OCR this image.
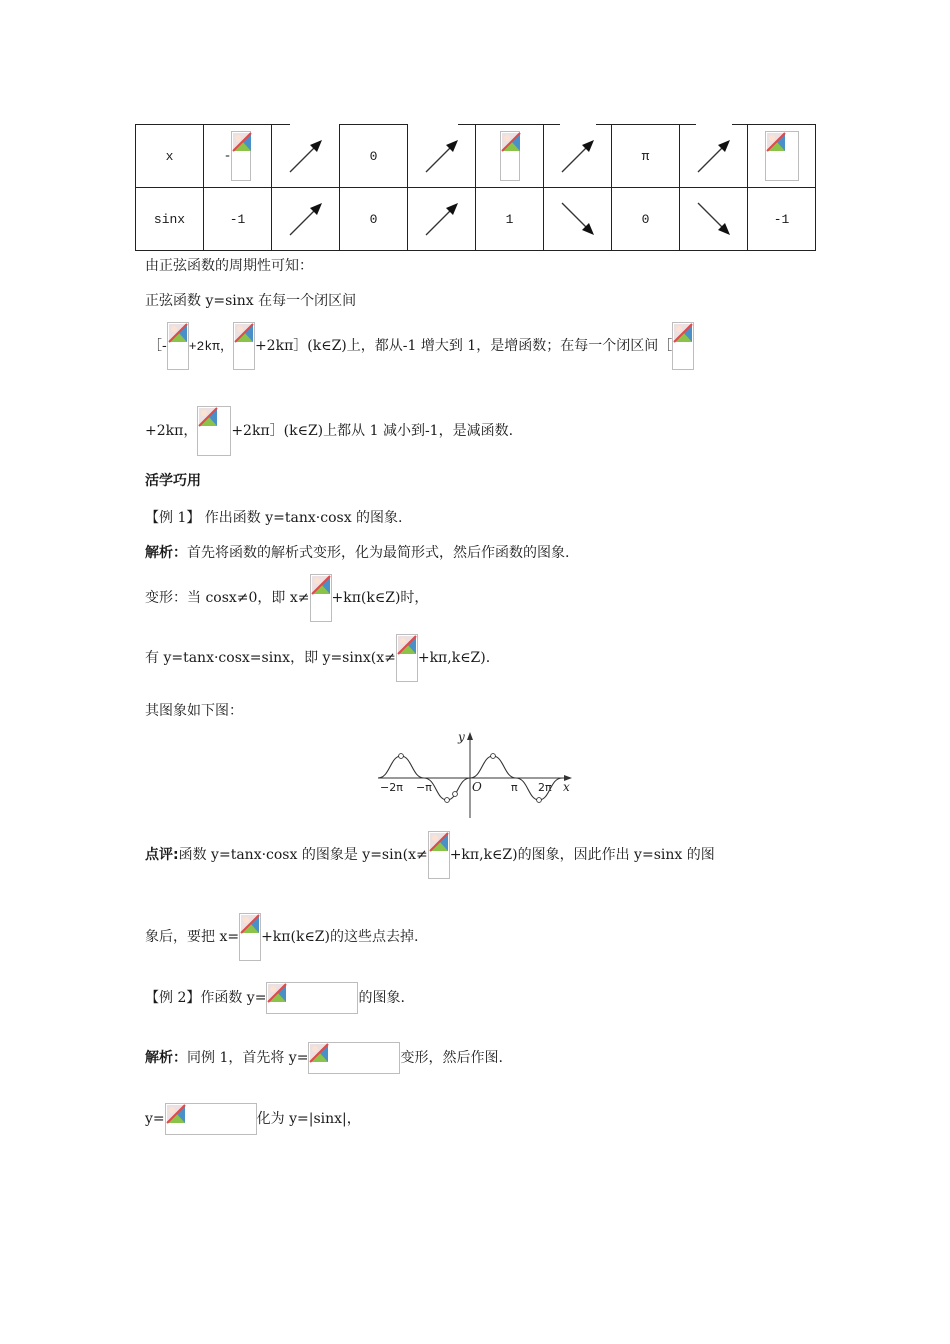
x	-		0				π	

sinx	-1		0		1		0		-1
由正弦函数的周期性可知：
正弦函数 y=sinx 在每一个闭区间
［- +2kπ， +2kπ］(k∈Z)上，都从-1 增大到 1，是增函数；在每一个闭区间［
+2kπ， +2kπ］(k∈Z)上都从 1 减小到-1，是减函数.
活学巧用
【例 1】 作出函数 y=tanx·cosx 的图象.
解析：首先将函数的解析式变形，化为最简形式，然后作函数的图象.
变形：当 cosx≠0，即 x≠ +kπ(k∈Z)时，
有 y=tanx·cosx=sinx，即 y=sinx(x≠ +kπ,k∈Z).
其图象如下图：
y
x
O
−2π −π	π 2π
点评:函数 y=tanx·cosx 的图象是 y=sin(x≠ +kπ,k∈Z)的图象，因此作出 y=sinx 的图
象后，要把 x= +kπ(k∈Z)的这些点去掉.
【例 2】作函数 y=	的图象.
解析：同例 1，首先将 y=	变形，然后作图.
y=	化为 y=|sinx|，
